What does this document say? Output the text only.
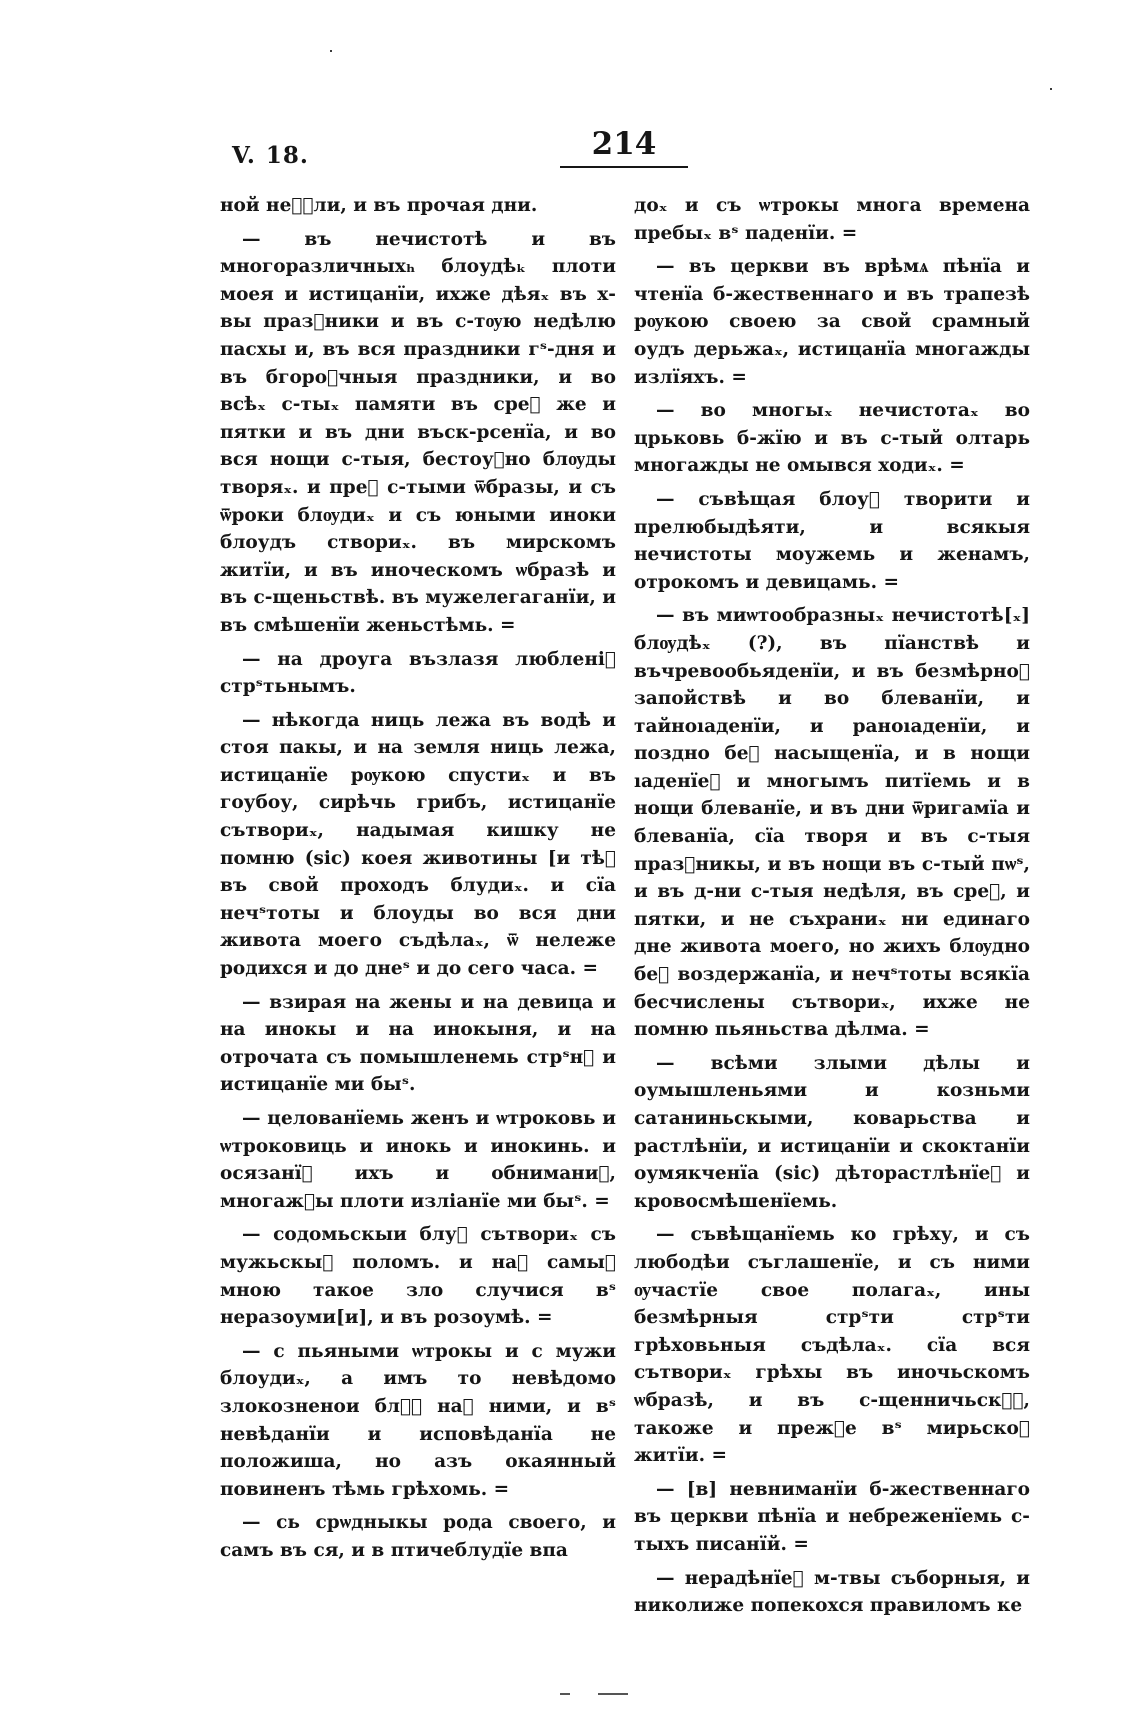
V. 18.	214

ной неᷘⷧли, и въ прочая дни.

— въ нечистотѣ и въ многоразличныхₕ блоудѣₖ плоти моея и истицанїи, ихже дѣяₓ въ х-вы праз᷑ники и въ с-тѹю недѣлю пасхы и, въ вся праздники гˢ-дня и въ бгоро᷑чныя праздники, и во всѣₓ с-тыₓ памяти въ сре᷑ же и пятки и въ дни въск-рсенїа, и во вся нощи с-тыя, бестоу᷑но блѹды творяₓ. и пре᷑ с-тыми ѿбразы, и съ ѿроки блѹдиₓ и съ юными иноки блоудъ створиₓ. въ мирскомъ житїи, и въ иноческомъ ѡбразѣ и въ с-щеньствѣ. въ мужелегаганїи, и въ смѣшенїи женьстѣмь. =

— на дроуга възлазя любленіᷘ стрˢтьнымъ.

— нѣкогда ниць лежа въ водѣ и стоя пакы, и на земля ниць лежа, истицанїе рѹкою спустиₓ и въ гоубоу, сирѣчь грибъ, истицанїе сътвориₓ, надымая кишку не помню (sic) коея животины [и тѣᷘ въ свой проходъ блудиₓ. и сїа нечˢтоты и блоуды во вся дни живота моего съдѣлаₓ, ѿ нележе родихся и до днеˢ и до сего часа. =

— взирая на жены и на девица и на инокы и на инокыня, и на отрочата съ помышленемь стрˢнᷘ и истицанїе ми быˢ.

— целованїемь женъ и ѡтроковь и ѡтроковиць и инокь и инокинь. и осязанїᷘ ихъ и обниманиᷘ, многаж᷑ы плоти изліанїе ми быˢ. =

— содомьскыи блу᷑ сътвориₓ съ мужьскыᷘ поломъ. и на᷑ самыᷘ мною такое зло случися вˢ неразоуми[и], и въ розоумѣ. =

— с пьяными ѡтрокы и с мужи блоудиₓ, а имъ то невѣдомо злокозненои блѹ᷑ на᷑ ними, и вˢ невѣданїи и исповѣданїа не положиша, но азъ окаянный повиненъ тѣмь грѣхомь. =

— сь срѡдныкы рода своего, и самъ въ ся, и в птичеблудїе впа

доₓ и съ ѡтрокы многа времена пребыₓ вˢ паденїи. =

— въ церкви въ врѣмѧ пѣнїа и чтенїа б-жественнаго и въ трапезѣ рѹкою своею за свой срамный оудъ дерьжаₓ, истицанїа многажды излїяхъ. =

— во многыₓ нечистотаₓ во црьковь б-жїю и въ с-тый олтарь многажды не омывся ходиₓ. =

— съвѣщая блоу᷑ творити и прелюбыдѣяти, и всякыя нечистоты моужемь и женамъ, отрокомъ и девицамь. =

— въ миѡтообразныₓ нечистотѣ[ₓ] блѹдѣₓ (?), въ пїанствѣ и въчревообьяденїи, и въ безмѣрноᷘ запойствѣ и во блеванїи, и тайноıаденїи, и раноıаденїи, и поздно беᷘ насыщенїа, и в нощи ıаденїеᷘ и многымъ питїемь и в нощи блеванїе, и въ дни ѿригамїа и блеванїа, сїа творя и въ с-тыя праз᷑никы, и въ нощи въ с-тый пѡˢ, и въ д-ни с-тыя недѣля, въ сре᷑, и пятки, и не съхраниₓ ни единаго дне живота моего, но жихъ блѹдно беᷘ воздержанїа, и нечˢтоты всякїа бесчислены сътвориₓ, ихже не помню пьяньства дѣлма. =

— всѣми злыми дѣлы и оумышленьями и козньми сатаниньскыми, коварьства и растлѣнїи, и истицанїи и скоктанїи оумякченїа (sic) дѣторастлѣнїеᷘ и кровосмѣшенїемь.

— съвѣщанїемь ко грѣху, и съ любодѣи съглашенїе, и съ ними ѹчастїе свое полагаₓ, ины безмѣрныя стрˢти стрˢти грѣховьныя съдѣлаₓ. сїа вся сътвориₓ грѣхы въ иночьскомъ ѡбразѣ, и въ с-щенничьскѡᷘ, такоже и преж᷑е вˢ мирьскоᷘ житїи. =

— [в] невниманїи б-жественнаго въ церкви пѣнїа и небреженїемь с-тыхъ писанїй. =

— нерадѣнїеᷘ м-твы съборныя, и николиже попекохся правиломъ ке
